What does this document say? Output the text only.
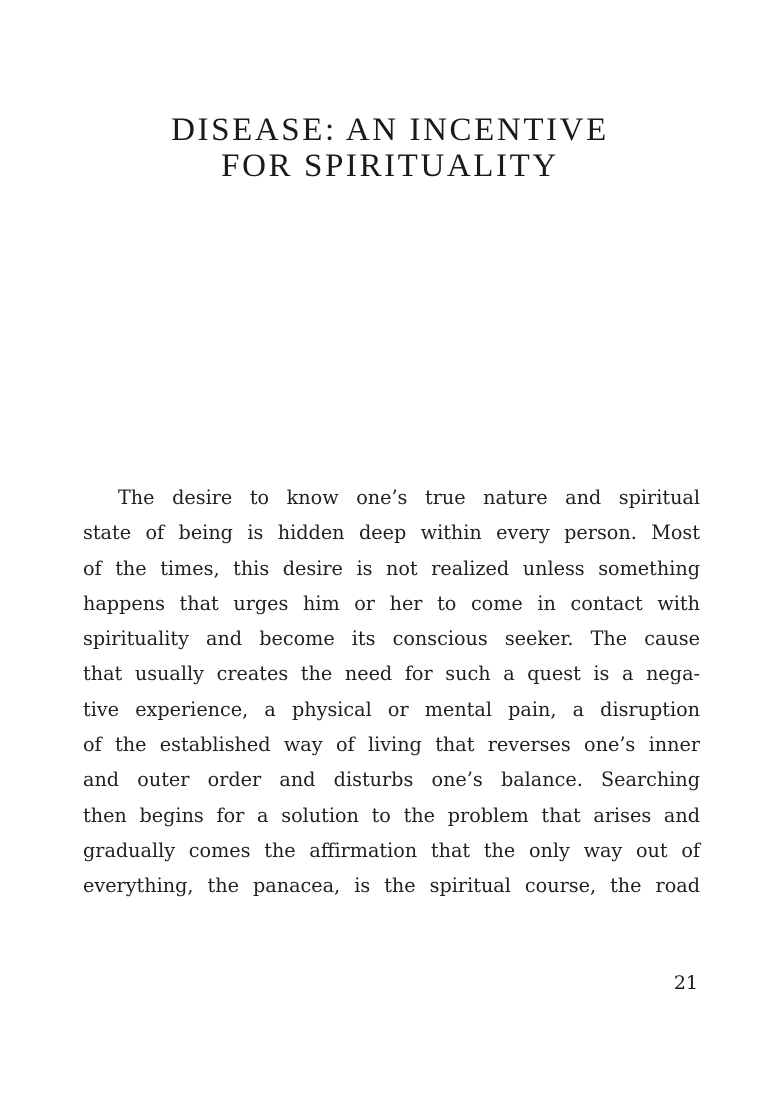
DISEASE: AN INCENTIVE
FOR SPIRITUALITY

The desire to know one’s true nature and spiritual
state of being is hidden deep within every person. Most
of the times, this desire is not realized unless something
happens that urges him or her to come in contact with
spirituality and become its conscious seeker. The cause
that usually creates the need for such a quest is a nega-
tive experience, a physical or mental pain, a disruption
of the established way of living that reverses one’s inner
and outer order and disturbs one’s balance. Searching
then begins for a solution to the problem that arises and
gradually comes the affirmation that the only way out of
everything, the panacea, is the spiritual course, the road

21
